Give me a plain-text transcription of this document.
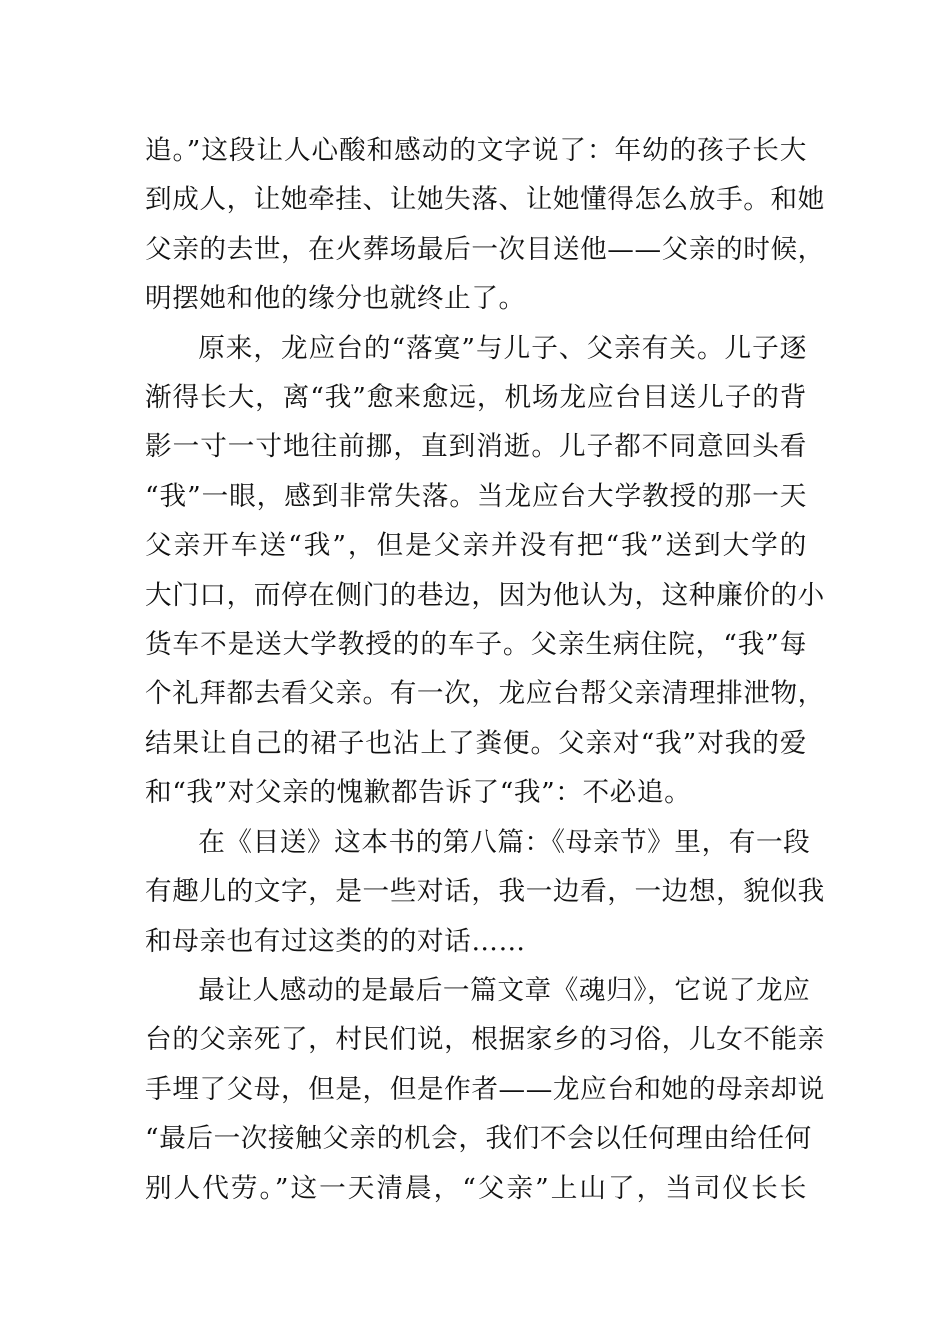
追。”这段让人心酸和感动的文字说了：年幼的孩子长大
到成人，让她牵挂、让她失落、让她懂得怎么放手。和她
父亲的去世，在火葬场最后一次目送他——父亲的时候，
明摆她和他的缘分也就终止了。
原来，龙应台的“落寞”与儿子、父亲有关。儿子逐
渐得长大，离“我”愈来愈远，机场龙应台目送儿子的背
影一寸一寸地往前挪，直到消逝。儿子都不同意回头看
“我”一眼，感到非常失落。当龙应台大学教授的那一天
父亲开车送“我”，但是父亲并没有把“我”送到大学的
大门口，而停在侧门的巷边，因为他认为，这种廉价的小
货车不是送大学教授的的车子。父亲生病住院，“我”每
个礼拜都去看父亲。有一次，龙应台帮父亲清理排泄物，
结果让自己的裙子也沾上了粪便。父亲对“我”对我的爱
和“我”对父亲的愧歉都告诉了“我”：不必追。
在《目送》这本书的第八篇：《母亲节》里，有一段
有趣儿的文字，是一些对话，我一边看，一边想，貌似我
和母亲也有过这类的的对话……
最让人感动的是最后一篇文章《魂归》，它说了龙应
台的父亲死了，村民们说，根据家乡的习俗，儿女不能亲
手埋了父母，但是，但是作者——龙应台和她的母亲却说
“最后一次接触父亲的机会，我们不会以任何理由给任何
别人代劳。”这一天清晨，“父亲”上山了，当司仪长长
